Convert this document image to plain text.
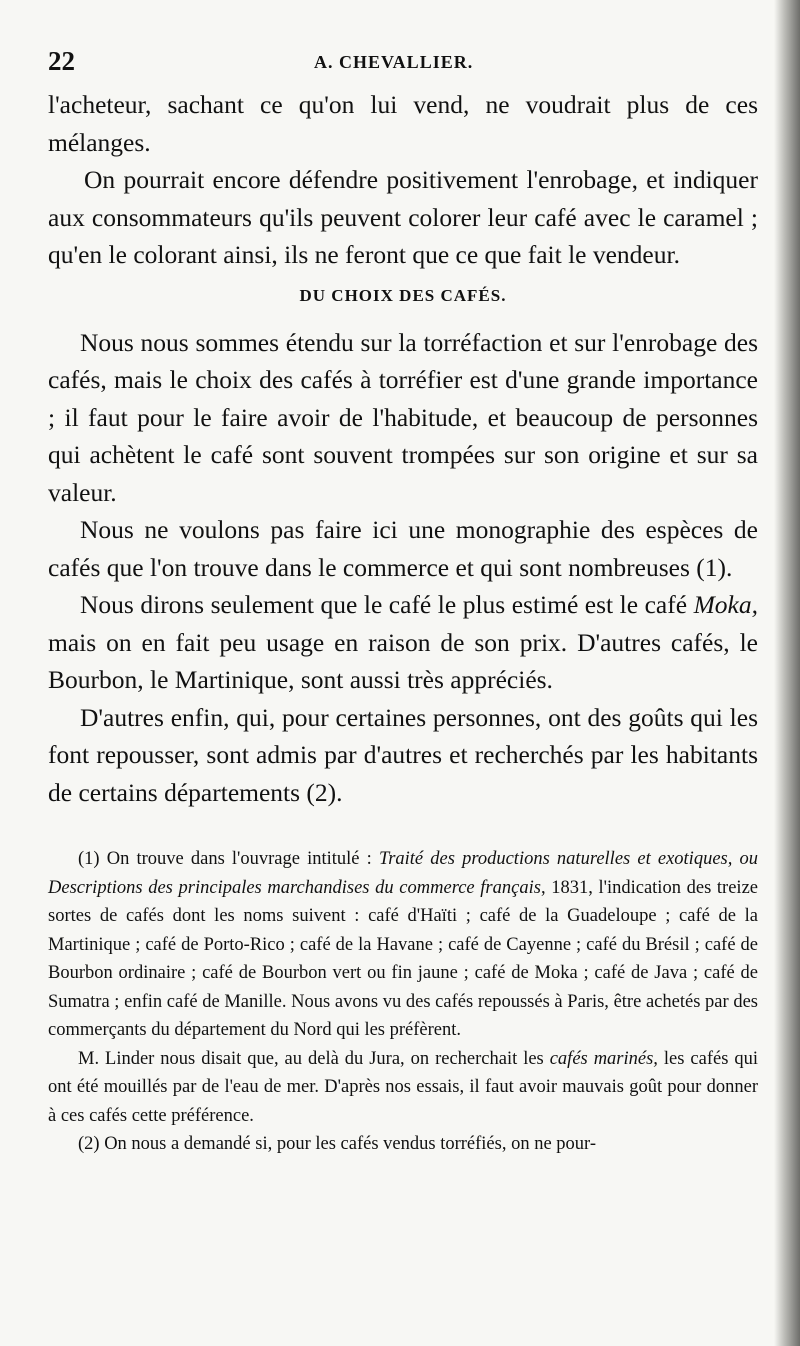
22	A. CHEVALLIER.

l'acheteur, sachant ce qu'on lui vend, ne voudrait plus de ces mélanges.

On pourrait encore défendre positivement l'enrobage, et indiquer aux consommateurs qu'ils peuvent colorer leur café avec le caramel ; qu'en le colorant ainsi, ils ne feront que ce que fait le vendeur.

DU CHOIX DES CAFÉS.

Nous nous sommes étendu sur la torréfaction et sur l'enrobage des cafés, mais le choix des cafés à torréfier est d'une grande importance ; il faut pour le faire avoir de l'habitude, et beaucoup de personnes qui achètent le café sont souvent trompées sur son origine et sur sa valeur.

Nous ne voulons pas faire ici une monographie des espèces de cafés que l'on trouve dans le commerce et qui sont nombreuses (1).

Nous dirons seulement que le café le plus estimé est le café Moka, mais on en fait peu usage en raison de son prix. D'autres cafés, le Bourbon, le Martinique, sont aussi très appréciés.

D'autres enfin, qui, pour certaines personnes, ont des goûts qui les font repousser, sont admis par d'autres et recherchés par les habitants de certains départements (2).

(1) On trouve dans l'ouvrage intitulé : Traité des productions naturelles et exotiques, ou Descriptions des principales marchandises du commerce français, 1831, l'indication des treize sortes de cafés dont les noms suivent : café d'Haïti ; café de la Guadeloupe ; café de la Martinique ; café de Porto-Rico ; café de la Havane ; café de Cayenne ; café du Brésil ; café de Bourbon ordinaire ; café de Bourbon vert ou fin jaune ; café de Moka ; café de Java ; café de Sumatra ; enfin café de Manille. Nous avons vu des cafés repoussés à Paris, être achetés par des commerçants du département du Nord qui les préfèrent.

M. Linder nous disait que, au delà du Jura, on recherchait les cafés marinés, les cafés qui ont été mouillés par de l'eau de mer. D'après nos essais, il faut avoir mauvais goût pour donner à ces cafés cette préférence.

(2) On nous a demandé si, pour les cafés vendus torréfiés, on ne pour-
